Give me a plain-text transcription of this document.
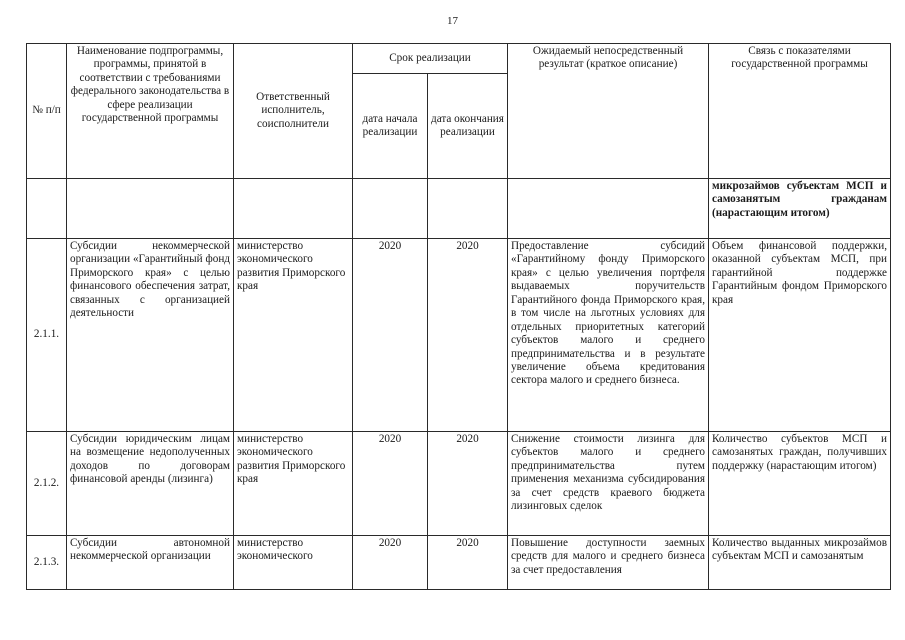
17
№ п/п	Наименование подпрограммы, программы, принятой в соответствии с требованиями федерального законодательства в сфере реализации государственной программы	Ответственный исполнитель, соисполнители	Срок реализации		Ожидаемый непосредственный результат (краткое описание)	Связь с показателями государственной программы
			дата начала реализации	дата окончания реализации		
						микрозаймов субъектам МСП и самозанятым гражданам (нарастающим итогом)
2.1.1.	Субсидии некоммерческой организации «Гарантийный фонд Приморского края» с целью финансового обеспечения затрат, связанных с организацией деятельности	министерство экономического развития Приморского края	2020	2020	Предоставление субсидий «Гарантийному фонду Приморского края» с целью увеличения портфеля выдаваемых поручительств Гарантийного фонда Приморского края, в том числе на льготных условиях для отдельных приоритетных категорий субъектов малого и среднего предпринимательства и в результате увеличение объема кредитования сектора малого и среднего бизнеса.	Объем финансовой поддержки, оказанной субъектам МСП, при гарантийной поддержке Гарантийным фондом Приморского края
2.1.2.	Субсидии юридическим лицам на возмещение недополученных доходов по договорам финансовой аренды (лизинга)	министерство экономического развития Приморского края	2020	2020	Снижение стоимости лизинга для субъектов малого и среднего предпринимательства путем применения механизма субсидирования за счет средств краевого бюджета лизинговых сделок	Количество субъектов МСП и самозанятых граждан, получивших поддержку (нарастающим итогом)
2.1.3.	Субсидии автономной некоммерческой организации	министерство экономического	2020	2020	Повышение доступности заемных средств для малого и среднего бизнеса за счет предоставления	Количество выданных микрозаймов субъектам МСП и самозанятым
